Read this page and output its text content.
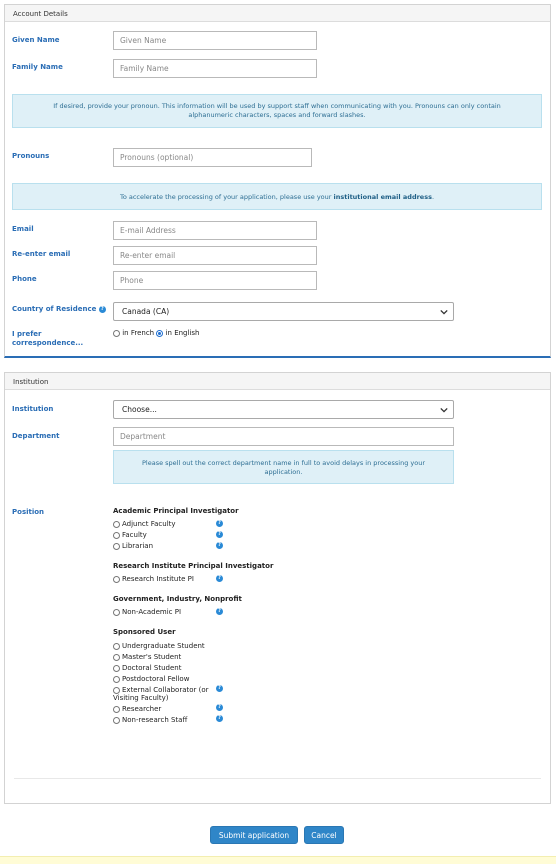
Account Details
Given Name	Given Name
Family Name	Family Name
If desired, provide your pronoun. This information will be used by support staff when communicating with you. Pronouns can only contain alphanumeric characters, spaces and forward slashes.
Pronouns	Pronouns (optional)
To accelerate the processing of your application, please use your institutional email address.
Email	E-mail Address
Re-enter email	Re-enter email
Phone	Phone
Country of Residence ?	Canada (CA)
I prefer
correspondence...
in French in English
Institution
Institution	Choose...
Department	Department
Please spell out the correct department name in full to avoid delays in processing your application.
Position	Academic Principal Investigator
Adjunct Faculty	?
Faculty	?
Librarian	?
Research Institute Principal Investigator
Research Institute PI	?
Government, Industry, Nonprofit
Non-Academic PI	?
Sponsored User
Undergraduate Student
Master's Student
Doctoral Student
Postdoctoral Fellow
External Collaborator (or
Visiting Faculty)
?
Researcher	?
Non-research Staff	?
Submit application	Cancel
